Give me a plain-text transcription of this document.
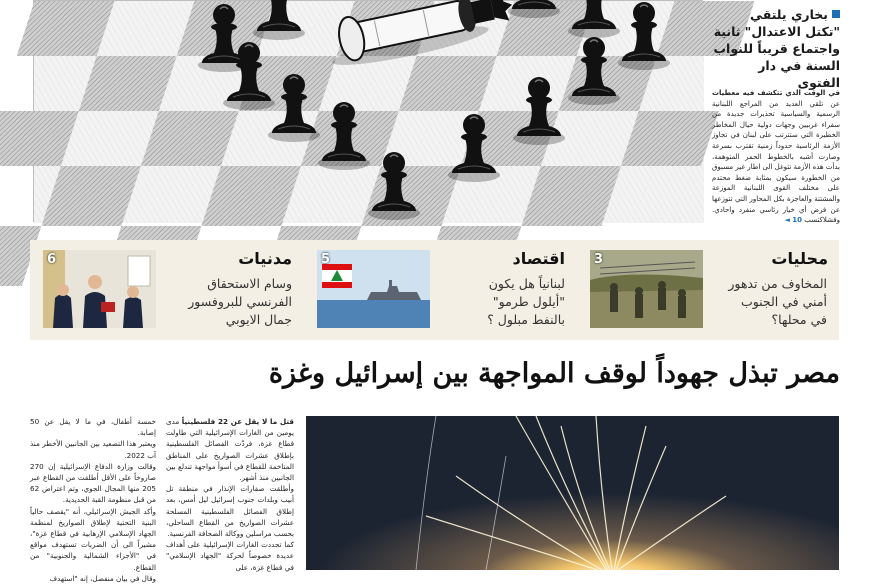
بخاري يلتقي "تكتل الاعتدال" ثانية واجتماع قريباً للنواب السنة في دار الفتوى
في الوقت الذي تتكشف فيه معطيات عن تلقي العديد من المراجع اللبنانية الرسمية والسياسية تحذيرات جديدة من سفراء غربيين وجهات دولية حيال المخاطر الخطيرة التي ستترتب على لبنان في تجاوز الأزمة الرئاسية حدوداً زمنية تقترب بسرعة وصارت أشبه بالخطوط الحمر المتوهمة، بدأت هذه الأزمة تتوغل الى اطار غير مسبوق من الخطورة سيكون بمثابة ضغط محتدم على مختلف القوى اللبنانية الموزعة والمشتتة والعاجزة بكل المحاور التي تتوزعها عن فرض أي خيار رئاسي منفرد واحادي. وفشلاكتسب 10 ◄
محليات
المخاوف من تدهور
أمني في الجنوب
في محلها؟
3
اقتصاد
لبنانياً هل يكون
"أيلول طرمو"
بالنفط مبلول ؟
5
مدنيات
وسام الاستحقاق
الفرنسي للبروفسور
جمال الايوبي
6
مصر تبذل جهوداً لوقف المواجهة بين إسرائيل وغزة
قتل ما لا يقل عن 22 فلسطينياً مدى يومين من الغارات الإسرائيلية التي طاولت قطاع غزة، فردّت الفصائل الفلسطينية بإطلاق عشرات الصواريخ على المناطق المتاخمة للقطاع في أسوأ مواجهة تندلع بين الجانبين منذ أشهر.
وأطلقت صفارات الإنذار في منطقة تل أبيب وبلدات جنوب إسرائيل ليل أمس، بعد إطلاق الفصائل الفلسطينية المسلحة عشرات الصواريخ من القطاع الساحلي، بحسب مراسلين ووكالة الصحافة الفرنسية.
كما تجددت الغارات الإسرائيلية على أهداف عديدة خصوصاً لحركة "الجهاد الإسلامي" في قطاع غزة، على
خمسة أطفال، في ما لا يقل عن 50 إصابة.
ويعتبر هذا التصعيد بين الجانبين الأخطر منذ آب 2022.
وقالت وزارة الدفاع الإسرائيلية إن 270 صاروخاً على الأقل أطلقت من القطاع عبر 205 منها المجال الجوي، وتم اعتراض 62 من قبل منظومة القبة الحديدية.
وأكد الجيش الإسرائيلي، أنه "يقصف حالياً البنية التحتية لإطلاق الصواريخ لمنظمة الجهاد الإسلامي الإرهابية في قطاع غزة"، مشيراً الى أن الضربات تستهدف مواقع في "الأجزاء الشمالية والجنوبية" من القطاع.
وقال في بيان منفصل، إنه "استهدف
